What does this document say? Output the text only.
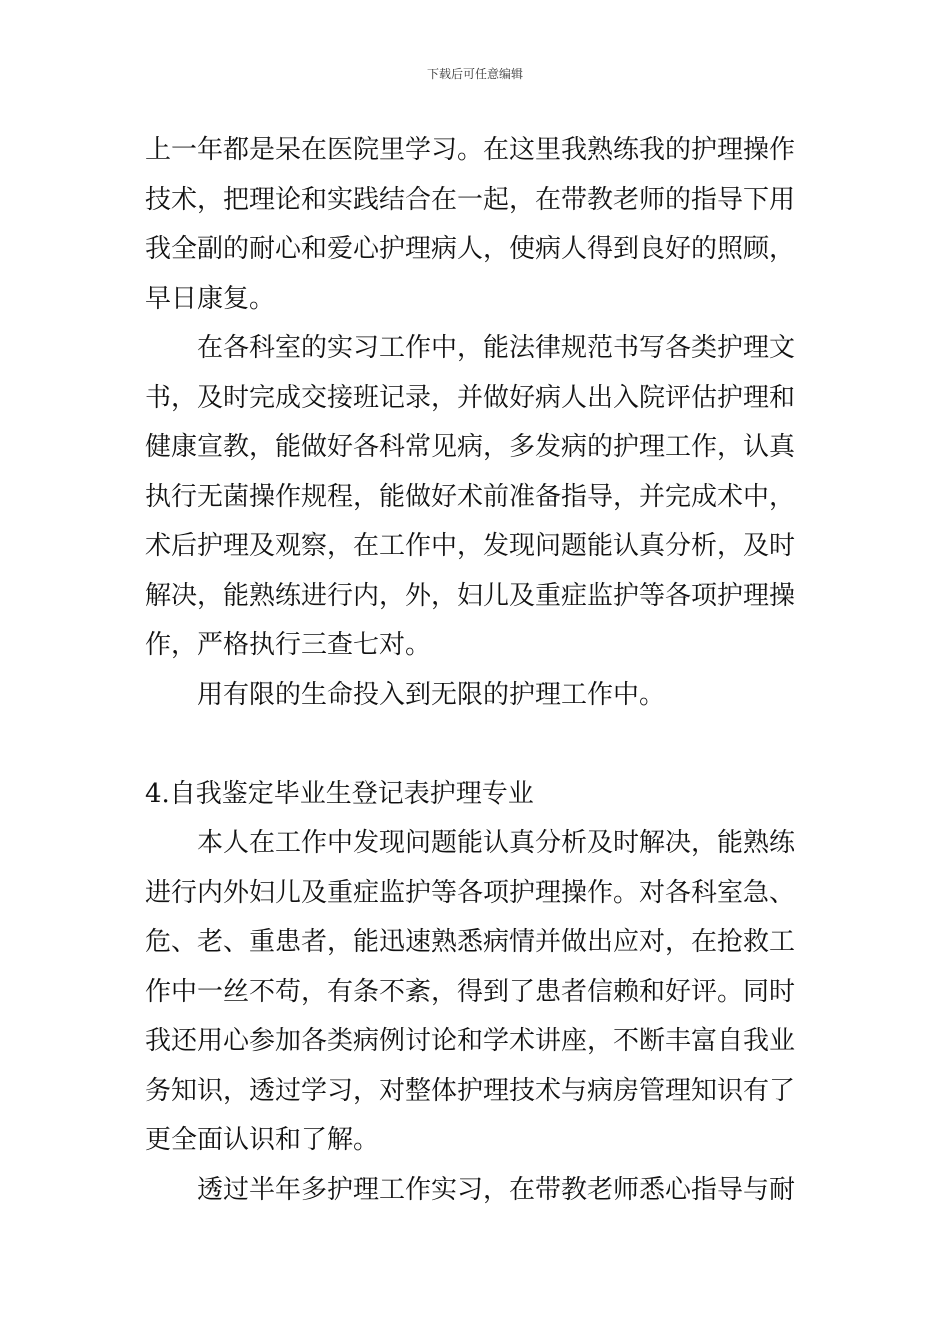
下载后可任意编辑
上一年都是呆在医院里学习。在这里我熟练我的护理操作
技术，把理论和实践结合在一起，在带教老师的指导下用
我全副的耐心和爱心护理病人，使病人得到良好的照顾，
早日康复。
在各科室的实习工作中，能法律规范书写各类护理文
书，及时完成交接班记录，并做好病人出入院评估护理和
健康宣教，能做好各科常见病，多发病的护理工作，认真
执行无菌操作规程，能做好术前准备指导，并完成术中，
术后护理及观察，在工作中，发现问题能认真分析，及时
解决，能熟练进行内，外，妇儿及重症监护等各项护理操
作，严格执行三查七对。
用有限的生命投入到无限的护理工作中。
4.自我鉴定毕业生登记表护理专业
本人在工作中发现问题能认真分析及时解决，能熟练
进行内外妇儿及重症监护等各项护理操作。对各科室急、
危、老、重患者，能迅速熟悉病情并做出应对，在抢救工
作中一丝不苟，有条不紊，得到了患者信赖和好评。同时
我还用心参加各类病例讨论和学术讲座，不断丰富自我业
务知识，透过学习，对整体护理技术与病房管理知识有了
更全面认识和了解。
透过半年多护理工作实习，在带教老师悉心指导与耐
